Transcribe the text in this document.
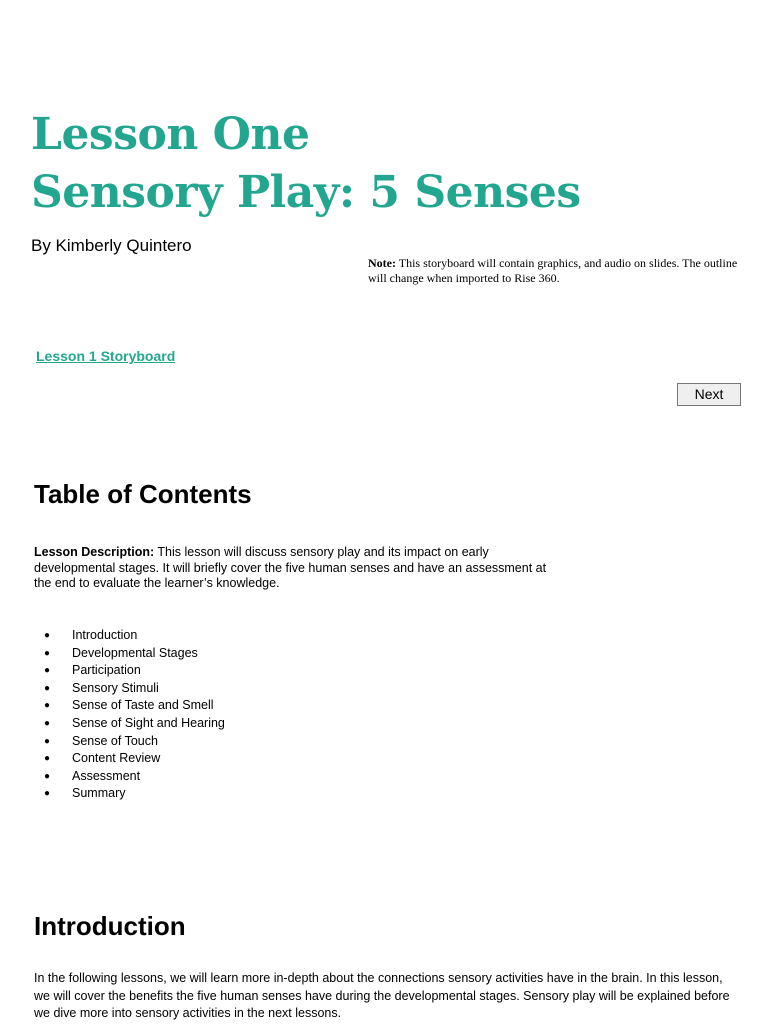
Lesson One
Sensory Play: 5 Senses
By Kimberly Quintero
Note: This storyboard will contain graphics, and audio on slides. The outline will change when imported to Rise 360.
Lesson 1 Storyboard
Next
Table of Contents
Lesson Description: This lesson will discuss sensory play and its impact on early developmental stages. It will briefly cover the five human senses and have an assessment at the end to evaluate the learner’s knowledge.
● Introduction
● Developmental Stages
● Participation
● Sensory Stimuli
● Sense of Taste and Smell
● Sense of Sight and Hearing
● Sense of Touch
● Content Review
● Assessment
● Summary
Introduction
In the following lessons, we will learn more in-depth about the connections sensory activities have in the brain. In this lesson, we will cover the benefits the five human senses have during the developmental stages. Sensory play will be explained before we dive more into sensory activities in the next lessons.
